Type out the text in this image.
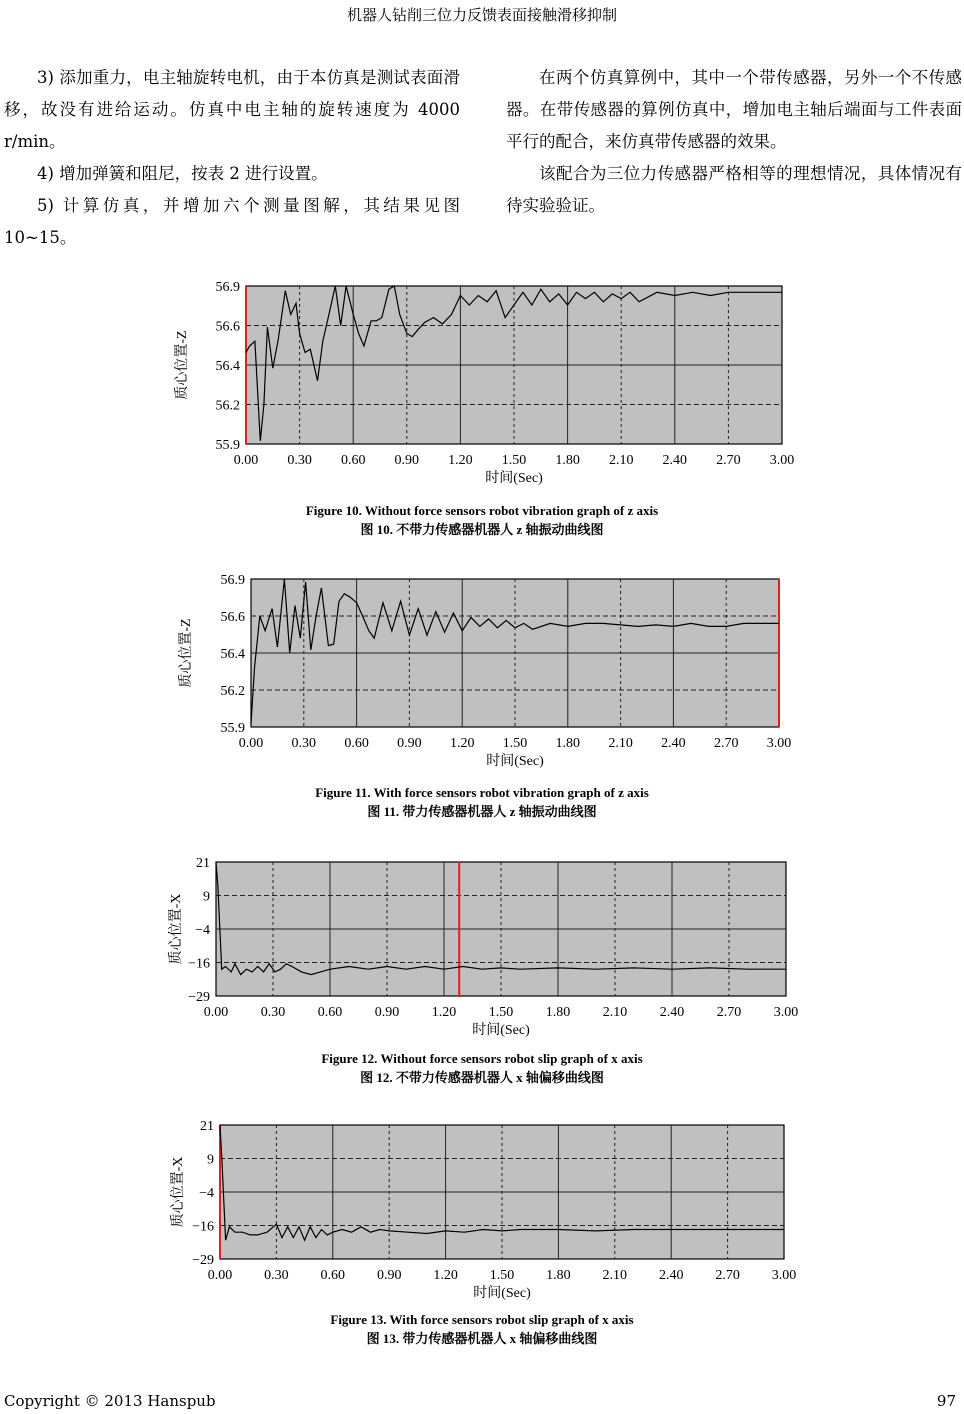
机器人钻削三位力反馈表面接触滑移抑制

3) 添加重力，电主轴旋转电机，由于本仿真是测试表面滑移，故没有进给运动。仿真中电主轴的旋转速度为 4000 r/min。

4) 增加弹簧和阻尼，按表 2 进行设置。

5) 计算仿真，并增加六个测量图解，其结果见图 10~15。

在两个仿真算例中，其中一个带传感器，另外一个不传感器。在带传感器的算例仿真中，增加电主轴后端面与工件表面平行的配合，来仿真带传感器的效果。

该配合为三位力传感器严格相等的理想情况，具体情况有待实验验证。

56.9
56.6
56.4
56.2
55.9
0.00 0.30 0.60 0.90 1.20 1.50 1.80 2.10 2.40 2.70 3.00
时间(Sec)
质心位置-Z
Figure 10. Without force sensors robot vibration graph of z axis
图 10. 不带力传感器机器人 z 轴振动曲线图
56.9
56.6
56.4
56.2
55.9
0.00 0.30 0.60 0.90 1.20 1.50 1.80 2.10 2.40 2.70 3.00
时间(Sec)
质心位置-Z
Figure 11. With force sensors robot vibration graph of z axis
图 11. 带力传感器机器人 z 轴振动曲线图
21
9
−4
−16
−29
0.00 0.30 0.60 0.90 1.20 1.50 1.80 2.10 2.40 2.70 3.00
时间(Sec)
质心位置-X
Figure 12. Without force sensors robot slip graph of x axis
图 12. 不带力传感器机器人 x 轴偏移曲线图
21
9
−4
−16
−29
0.00 0.30 0.60 0.90 1.20 1.50 1.80 2.10 2.40 2.70 3.00
时间(Sec)
质心位置-X
Figure 13. With force sensors robot slip graph of x axis
图 13. 带力传感器机器人 x 轴偏移曲线图
Copyright © 2013 Hanspub	97
